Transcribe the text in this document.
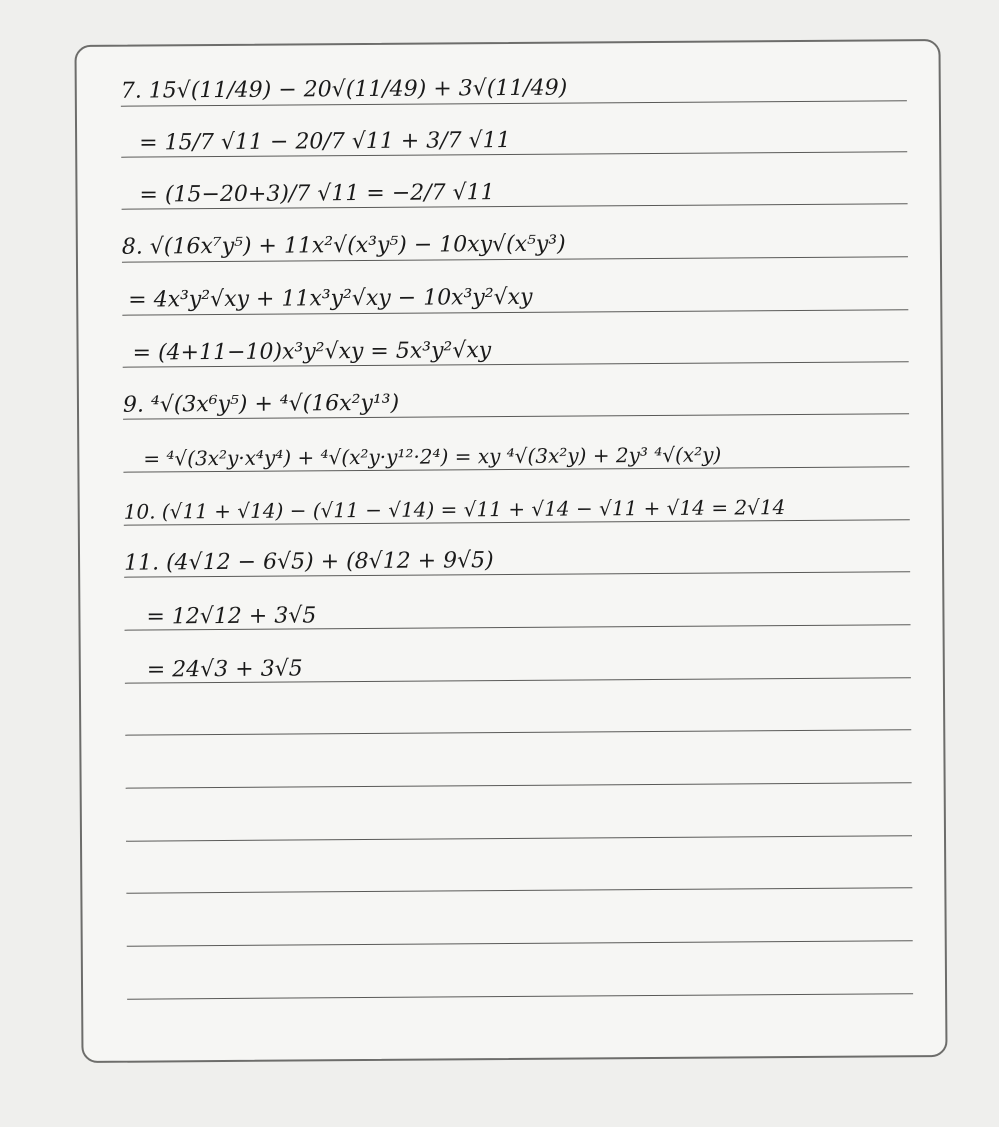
7. 15√(11/49) − 20√(11/49) + 3√(11/49)
= 15/7 √11 − 20/7 √11 + 3/7 √11
= (15−20+3)/7 √11 = −2/7 √11
8. √(16x⁷y⁵) + 11x²√(x³y⁵) − 10xy√(x⁵y³)
= 4x³y²√xy + 11x³y²√xy − 10x³y²√xy
= (4+11−10)x³y²√xy = 5x³y²√xy
9. ⁴√(3x⁶y⁵) + ⁴√(16x²y¹³)
= ⁴√(3x²y·x⁴y⁴) + ⁴√(x²y·y¹²·2⁴) = xy ⁴√(3x²y) + 2y³ ⁴√(x²y)
10. (√11 + √14) − (√11 − √14) = √11 + √14 − √11 + √14 = 2√14
11. (4√12 − 6√5) + (8√12 + 9√5)
= 12√12 + 3√5
= 24√3 + 3√5
